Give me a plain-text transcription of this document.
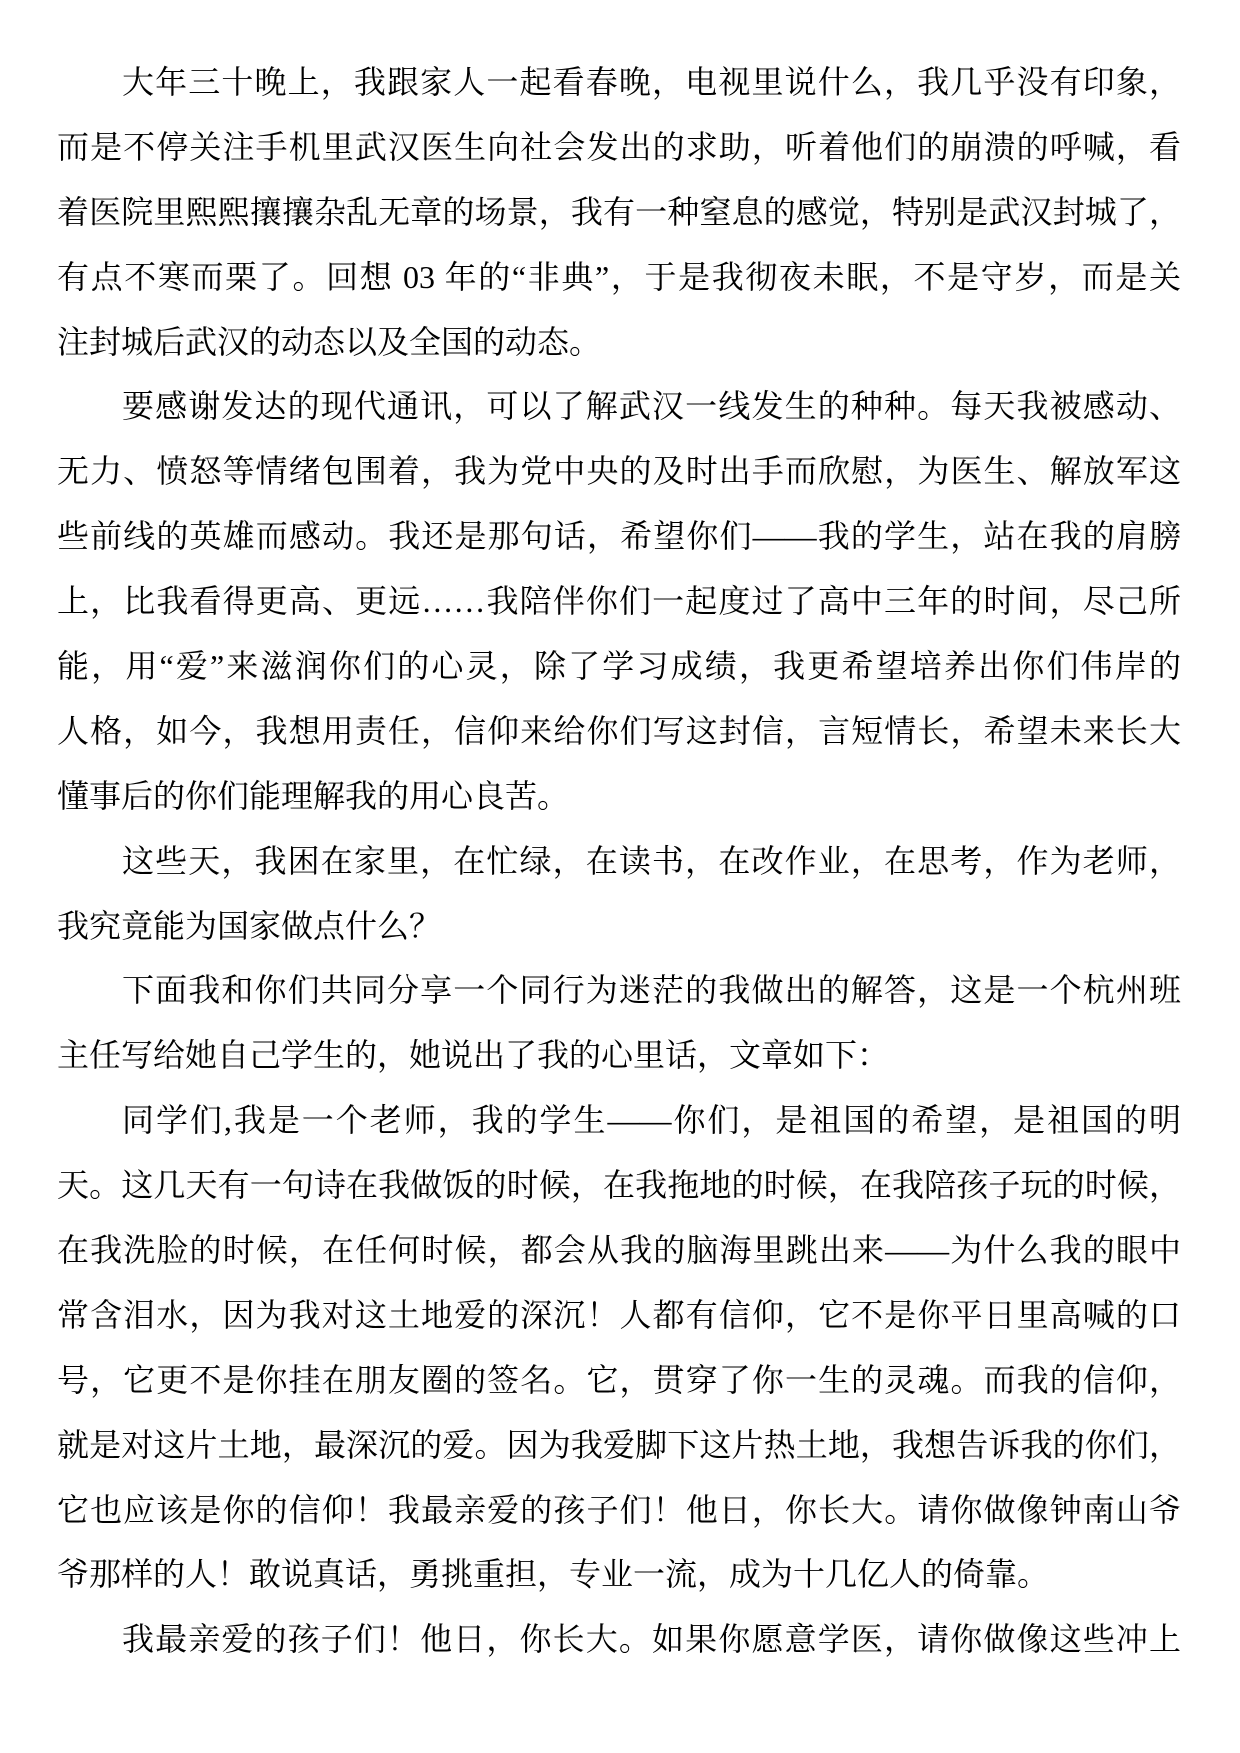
大年三十晚上，我跟家人一起看春晚，电视里说什么，我几乎没有印象，
而是不停关注手机里武汉医生向社会发出的求助，听着他们的崩溃的呼喊，看
着医院里熙熙攘攘杂乱无章的场景，我有一种窒息的感觉，特别是武汉封城了，
有点不寒而栗了。回想 03 年的“非典”，于是我彻夜未眠，不是守岁，而是关
注封城后武汉的动态以及全国的动态。
要感谢发达的现代通讯，可以了解武汉一线发生的种种。每天我被感动、
无力、愤怒等情绪包围着，我为党中央的及时出手而欣慰，为医生、解放军这
些前线的英雄而感动。我还是那句话，希望你们——我的学生，站在我的肩膀
上，比我看得更高、更远……我陪伴你们一起度过了高中三年的时间，尽己所
能，用“爱”来滋润你们的心灵，除了学习成绩，我更希望培养出你们伟岸的
人格，如今，我想用责任，信仰来给你们写这封信，言短情长，希望未来长大
懂事后的你们能理解我的用心良苦。
这些天，我困在家里，在忙绿，在读书，在改作业，在思考，作为老师，
我究竟能为国家做点什么？
下面我和你们共同分享一个同行为迷茫的我做出的解答，这是一个杭州班
主任写给她自己学生的，她说出了我的心里话，文章如下：
同学们,我是一个老师，我的学生——你们，是祖国的希望，是祖国的明
天。这几天有一句诗在我做饭的时候，在我拖地的时候，在我陪孩子玩的时候，
在我洗脸的时候，在任何时候，都会从我的脑海里跳出来——为什么我的眼中
常含泪水，因为我对这土地爱的深沉！人都有信仰，它不是你平日里高喊的口
号，它更不是你挂在朋友圈的签名。它，贯穿了你一生的灵魂。而我的信仰，
就是对这片土地，最深沉的爱。因为我爱脚下这片热土地，我想告诉我的你们，
它也应该是你的信仰！我最亲爱的孩子们！他日，你长大。请你做像钟南山爷
爷那样的人！敢说真话，勇挑重担，专业一流，成为十几亿人的倚靠。
我最亲爱的孩子们！他日，你长大。如果你愿意学医，请你做像这些冲上
